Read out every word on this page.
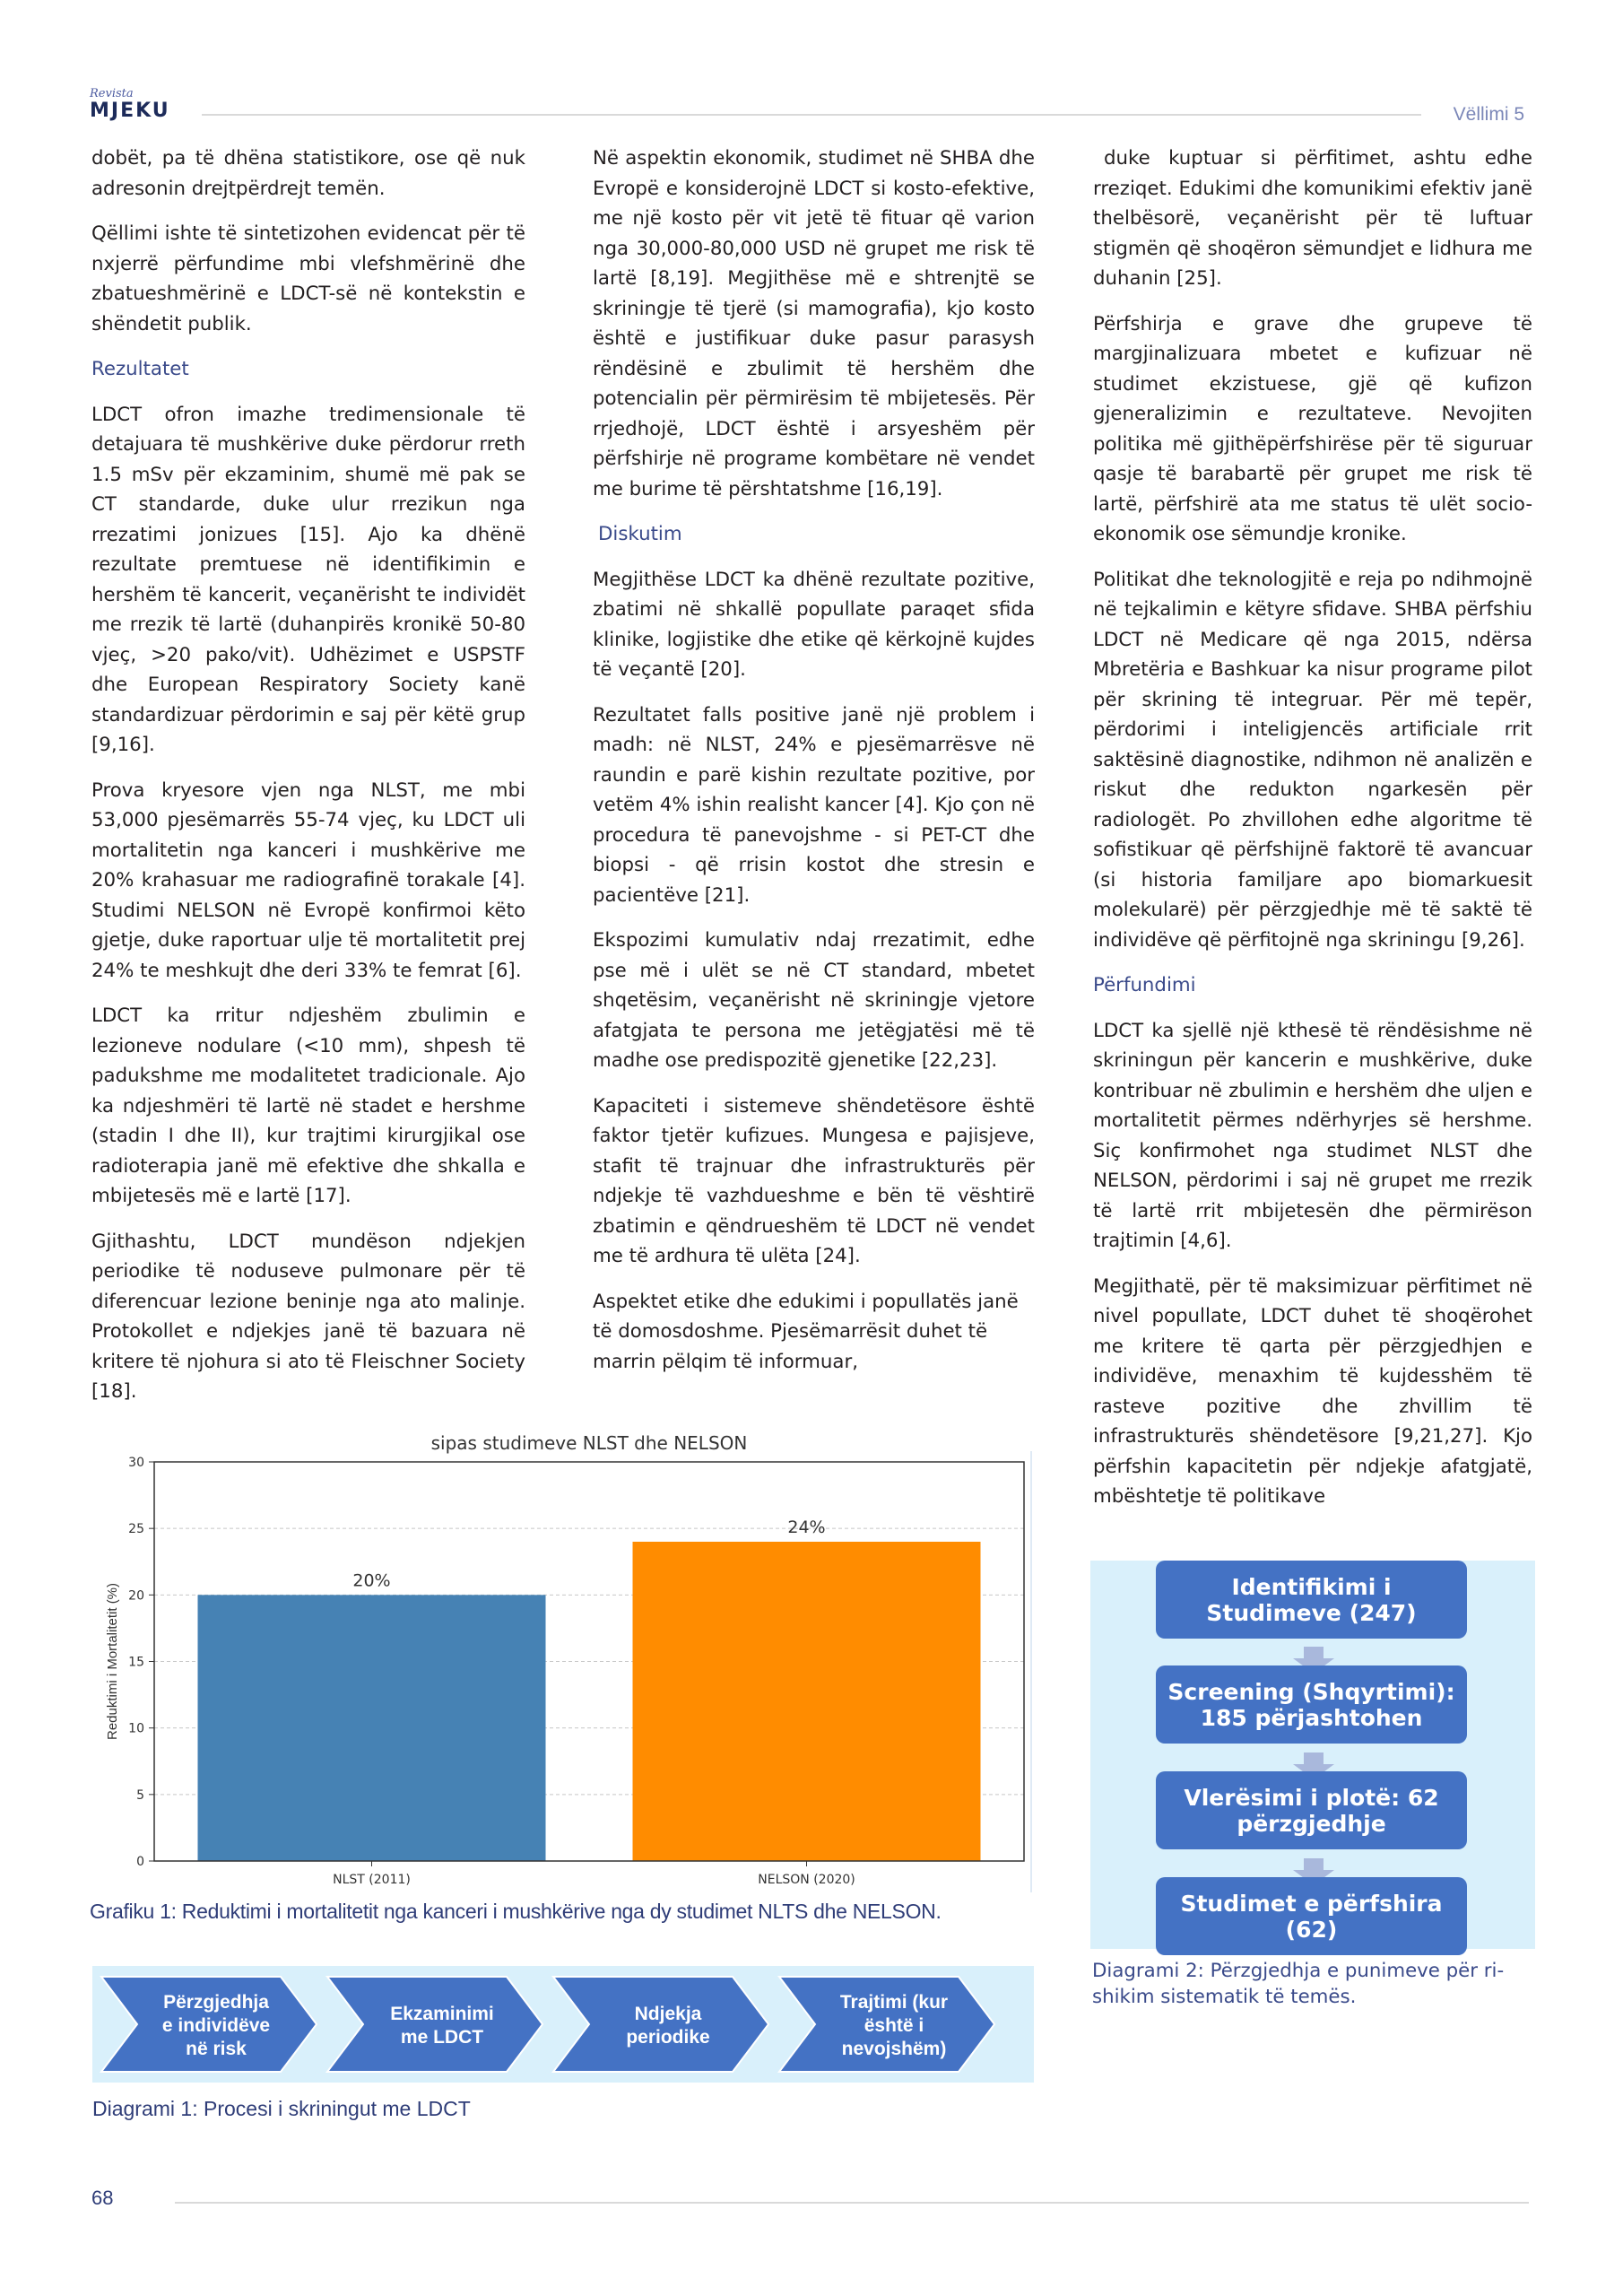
Revista
MJEKU	Vëllimi 5

dobët, pa të dhëna statistikore, ose që nuk adresonin drejtpërdrejt temën.

Qëllimi ishte të sintetizohen evidencat për të nxjerrë përfundime mbi vlefshmërinë dhe zbatueshmërinë e LDCT-së në kontekstin e shëndetit publik.

Rezultatet

LDCT ofron imazhe tredimensionale të detajuara të mushkërive duke përdorur rreth 1.5 mSv për ekzaminim, shumë më pak se CT standarde, duke ulur rrezikun nga rrezatimi jonizues [15]. Ajo ka dhënë rezultate premtuese në identifikimin e hershëm të kancerit, veçanërisht te individët me rrezik të lartë (duhanpirës kronikë 50-80 vjeç, >20 pako/vit). Udhëzimet e USPSTF dhe European Respiratory Society kanë standardizuar përdorimin e saj për këtë grup [9,16].

Prova kryesore vjen nga NLST, me mbi 53,000 pjesëmarrës 55-74 vjeç, ku LDCT uli mortalitetin nga kanceri i mushkërive me 20% krahasuar me radiografinë torakale [4]. Studimi NELSON në Evropë konfirmoi këto gjetje, duke raportuar ulje të mortalitetit prej 24% te meshkujt dhe deri 33% te femrat [6].

LDCT ka rritur ndjeshëm zbulimin e lezioneve nodulare (<10 mm), shpesh të padukshme me modalitetet tradicionale. Ajo ka ndjeshmëri të lartë në stadet e hershme (stadin I dhe II), kur trajtimi kirurgjikal ose radioterapia janë më efektive dhe shkalla e mbijetesës më e lartë [17].

Gjithashtu, LDCT mundëson ndjekjen periodike të noduseve pulmonare për të diferencuar lezione beninje nga ato malinje. Protokollet e ndjekjes janë të bazuara në kritere të njohura si ato të Fleischner Society [18].

Në aspektin ekonomik, studimet në SHBA dhe Evropë e konsiderojnë LDCT si kosto-efektive, me një kosto për vit jetë të fituar që varion nga 30,000-80,000 USD në grupet me risk të lartë [8,19]. Megjithëse më e shtrenjtë se skriningje të tjerë (si mamografia), kjo kosto është e justifikuar duke pasur parasysh rëndësinë e zbulimit të hershëm dhe potencialin për përmirësim të mbijetesës. Për rrjedhojë, LDCT është i arsyeshëm për përfshirje në programe kombëtare në vendet me burime të përshtatshme [16,19].

Diskutim

Megjithëse LDCT ka dhënë rezultate pozitive, zbatimi në shkallë popullate paraqet sfida klinike, logjistike dhe etike që kërkojnë kujdes të veçantë [20].

Rezultatet falls positive janë një problem i madh: në NLST, 24% e pjesëmarrësve në raundin e parë kishin rezultate pozitive, por vetëm 4% ishin realisht kancer [4]. Kjo çon në procedura të panevojshme - si PET-CT dhe biopsi - që rrisin kostot dhe stresin e pacientëve [21].

Ekspozimi kumulativ ndaj rrezatimit, edhe pse më i ulët se në CT standard, mbetet shqetësim, veçanërisht në skriningje vjetore afatgjata te persona me jetëgjatësi më të madhe ose predispozitë gjenetike [22,23].

Kapaciteti i sistemeve shëndetësore është faktor tjetër kufizues. Mungesa e pajisjeve, stafit të trajnuar dhe infrastrukturës për ndjekje të vazhdueshme e bën të vështirë zbatimin e qëndrueshëm të LDCT në vendet me të ardhura të ulëta [24].

Aspektet etike dhe edukimi i popullatës janë të domosdoshme. Pjesëmarrësit duhet të marrin pëlqim të informuar,

duke kuptuar si përfitimet, ashtu edhe rreziqet. Edukimi dhe komunikimi efektiv janë thelbësorë, veçanërisht për të luftuar stigmën që shoqëron sëmundjet e lidhura me duhanin [25].

Përfshirja e grave dhe grupeve të margjinalizuara mbetet e kufizuar në studimet ekzistuese, gjë që kufizon gjeneralizimin e rezultateve. Nevojiten politika më gjithëpërfshirëse për të siguruar qasje të barabartë për grupet me risk të lartë, përfshirë ata me status të ulët socio-ekonomik ose sëmundje kronike.

Politikat dhe teknologjitë e reja po ndihmojnë në tejkalimin e këtyre sfidave. SHBA përfshiu LDCT në Medicare që nga 2015, ndërsa Mbretëria e Bashkuar ka nisur programe pilot për skrining të integruar. Për më tepër, përdorimi i inteligjencës artificiale rrit saktësinë diagnostike, ndihmon në analizën e riskut dhe redukton ngarkesën për radiologët. Po zhvillohen edhe algoritme të sofistikuar që përfshijnë faktorë të avancuar (si historia familjare apo biomarkuesit molekularë) për përzgjedhje më të saktë të individëve që përfitojnë nga skriningu [9,26].

Përfundimi

LDCT ka sjellë një kthesë të rëndësishme në skriningun për kancerin e mushkërive, duke kontribuar në zbulimin e hershëm dhe uljen e mortalitetit përmes ndërhyrjes së hershme. Siç konfirmohet nga studimet NLST dhe NELSON, përdorimi i saj në grupet me rrezik të lartë rrit mbijetesën dhe përmirëson trajtimin [4,6].

Megjithatë, për të maksimizuar përfitimet në nivel popullate, LDCT duhet të shoqërohet me kritere të qarta për përzgjedhjen e individëve, menaxhim të kujdesshëm të rasteve pozitive dhe zhvillim të infrastrukturës shëndetësore [9,21,27]. Kjo përfshin kapacitetin për ndjekje afatgjatë, mbështetje të politikave

sipas studimeve NLST dhe NELSON
0
5
10
15
20
25
30
20%
NLST (2011)
24%
NELSON (2020)
Reduktimi i Mortalitetit (%)
Grafiku 1: Reduktimi i mortalitetit nga kanceri i mushkërive nga dy studimet NLTS dhe NELSON.
Përzgjedhja
e individëve
në risk
Ekzaminimi
me LDCT
Ndjekja
periodike
Trajtimi (kur
është i
nevojshëm)
Diagrami 1: Procesi i skriningut me LDCT
Identifikimi i Studimeve (247)
Screening (Shqyrtimi): 185 përjashtohen
Vlerësimi i plotë: 62 përzgjedhje
Studimet e përfshira (62)
Diagrami 2: Përzgjedhja e punimeve për ri-shikim sistematik të temës.
68
